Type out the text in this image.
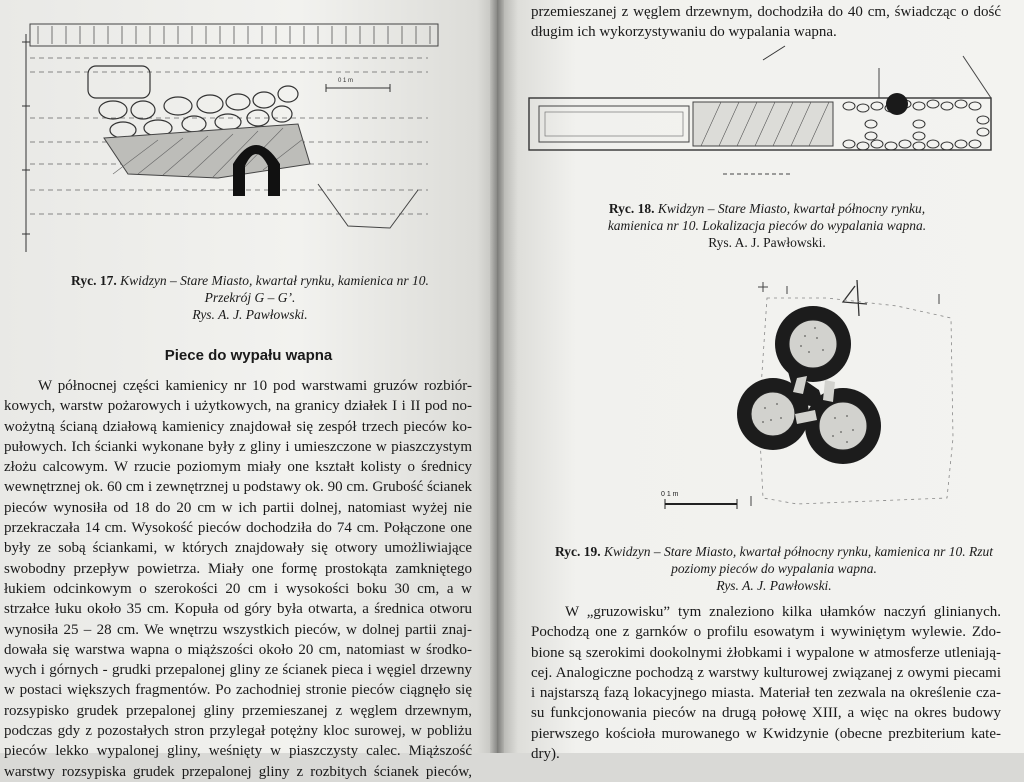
0 1 m
Ryc. 17. Kwidzyn – Stare Miasto, kwartał rynku, kamienica nr 10.
Przekrój G – G’.
Rys. A. J. Pawłowski.
Piece do wypału wapna
W północnej części kamienicy nr 10 pod warstwami gruzów rozbiór-
kowych, warstw pożarowych i użytkowych, na granicy działek I i II pod no-
wożytną ścianą działową kamienicy znajdował się zespół trzech pieców ko-
pułowych. Ich ścianki wykonane były z gliny i umieszczone w piaszczystym
złożu calcowym. W rzucie poziomym miały one kształt kolisty o średnicy
wewnętrznej ok. 60 cm i zewnętrznej u podstawy ok. 90 cm. Grubość ścianek
pieców wynosiła od 18 do 20 cm w ich partii dolnej, natomiast wyżej nie
przekraczała 14 cm. Wysokość pieców dochodziła do 74 cm. Połączone one
były ze sobą ściankami, w których znajdowały się otwory umożliwiające
swobodny przepływ powietrza. Miały one formę prostokąta zamkniętego
łukiem odcinkowym o szerokości 20 cm i wysokości boku 30 cm, a w
strzałce łuku około 35 cm. Kopuła od góry była otwarta, a średnica otworu
wynosiła 25 – 28 cm. We wnętrzu wszystkich pieców, w dolnej partii znaj-
dowała się warstwa wapna o miąższości około 20 cm, natomiast w środko-
wych i górnych - grudki przepalonej gliny ze ścianek pieca i węgiel drzewny
w postaci większych fragmentów. Po zachodniej stronie pieców ciągnęło się
rozsypisko grudek przepalonej gliny przemieszanej z węglem drzewnym,
podczas gdy z pozostałych stron przylegał potężny kloc surowej, w pobliżu
pieców lekko wypalonej gliny, weśnięty w piaszczysty calec. Miąższość
warstwy rozsypiska grudek przepalonej gliny z rozbitych ścianek pieców,
przemieszanej z węglem drzewnym, dochodziła do 40 cm, świadcząc o dość
długim ich wykorzystywaniu do wypalania wapna.
Ryc. 18. Kwidzyn – Stare Miasto, kwartał północny rynku,
kamienica nr 10. Lokalizacja pieców do wypalania wapna.
Rys. A. J. Pawłowski.
0 1 m
Ryc. 19. Kwidzyn – Stare Miasto, kwartał północny rynku, kamienica nr 10. Rzut
poziomy pieców do wypalania wapna.
Rys. A. J. Pawłowski.
W „gruzowisku” tym znaleziono kilka ułamków naczyń glinianych.
Pochodzą one z garnków o profilu esowatym i wywiniętym wylewie. Zdo-
bione są szerokimi dookolnymi żłobkami i wypalone w atmosferze utleniają-
cej. Analogiczne pochodzą z warstwy kulturowej związanej z owymi piecami
i najstarszą fazą lokacyjnego miasta. Materiał ten zezwala na określenie cza-
su funkcjonowania pieców na drugą połowę XIII, a więc na okres budowy
pierwszego kościoła murowanego w Kwidzynie (obecne prezbiterium kate-
dry).
